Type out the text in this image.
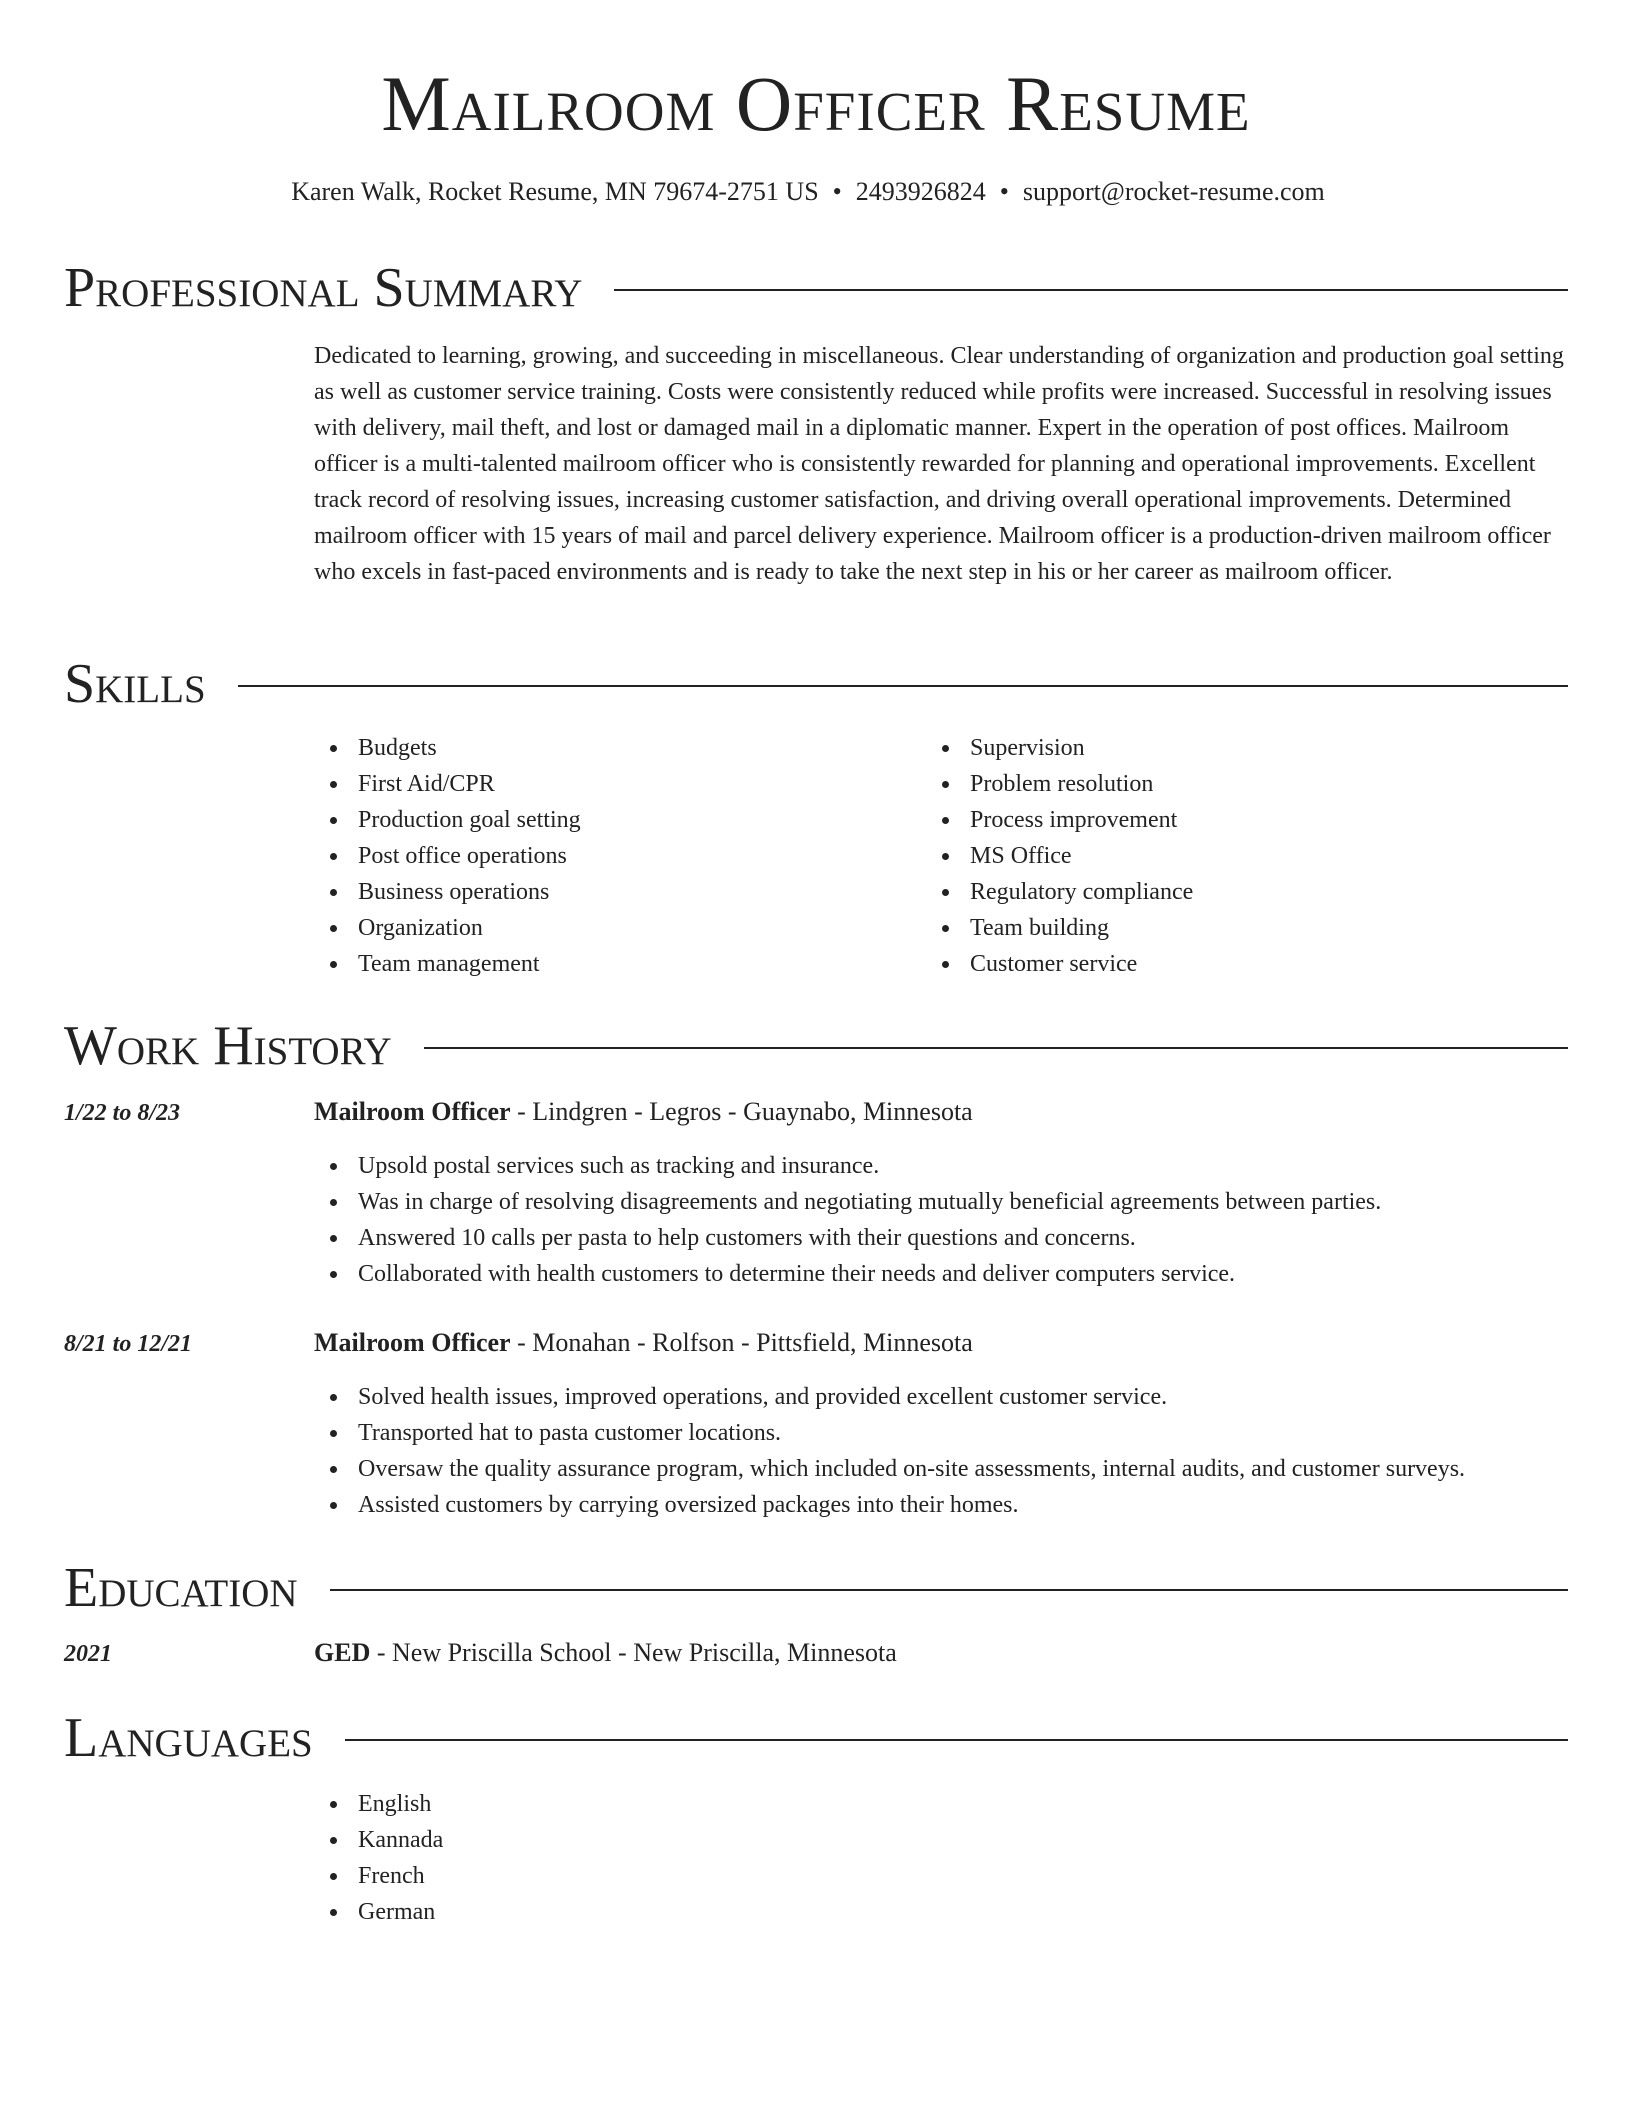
Mailroom Officer Resume
Karen Walk, Rocket Resume, MN 79674-2751 US • 2493926824 • support@rocket-resume.com
Professional Summary

Dedicated to learning, growing, and succeeding in miscellaneous. Clear understanding of organization and production goal setting as well as customer service training. Costs were consistently reduced while profits were increased. Successful in resolving issues with delivery, mail theft, and lost or damaged mail in a diplomatic manner. Expert in the operation of post offices. Mailroom officer is a multi-talented mailroom officer who is consistently rewarded for planning and operational improvements. Excellent track record of resolving issues, increasing customer satisfaction, and driving overall operational improvements. Determined mailroom officer with 15 years of mail and parcel delivery experience. Mailroom officer is a production-driven mailroom officer who excels in fast-paced environments and is ready to take the next step in his or her career as mailroom officer.

Skills
Budgets
First Aid/CPR
Production goal setting
Post office operations
Business operations
Organization
Team management
Supervision
Problem resolution
Process improvement
MS Office
Regulatory compliance
Team building
Customer service
Work History
1/22 to 8/23	Mailroom Officer - Lindgren - Legros - Guaynabo, Minnesota
Upsold postal services such as tracking and insurance.
Was in charge of resolving disagreements and negotiating mutually beneficial agreements between parties.
Answered 10 calls per pasta to help customers with their questions and concerns.
Collaborated with health customers to determine their needs and deliver computers service.
8/21 to 12/21	Mailroom Officer - Monahan - Rolfson - Pittsfield, Minnesota
Solved health issues, improved operations, and provided excellent customer service.
Transported hat to pasta customer locations.
Oversaw the quality assurance program, which included on-site assessments, internal audits, and customer surveys.
Assisted customers by carrying oversized packages into their homes.
Education
2021	GED - New Priscilla School - New Priscilla, Minnesota
Languages
English
Kannada
French
German
